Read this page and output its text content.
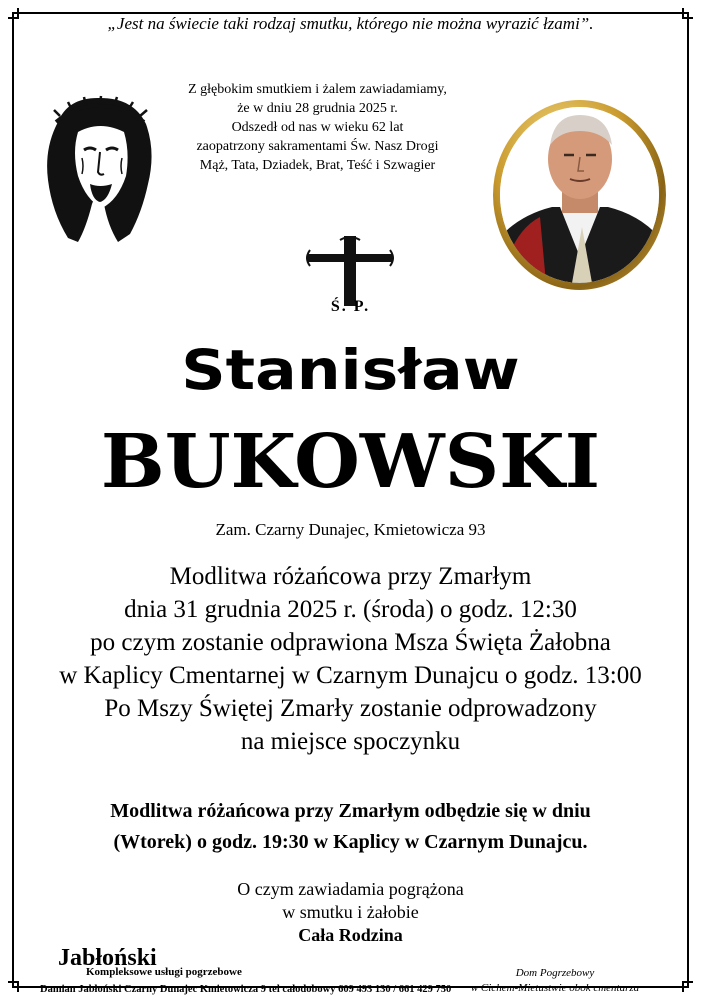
„Jest na świecie taki rodzaj smutku, którego nie można wyrazić łzami”.
Z głębokim smutkiem i żalem zawiadamiamy,
że w dniu 28 grudnia 2025 r.
Odszedł od nas w wieku 62 lat
zaopatrzony sakramentami Św. Nasz Drogi
Mąż, Tata, Dziadek, Brat, Teść i Szwagier
Ś. P.
Stanisław
BUKOWSKI
Zam. Czarny Dunajec, Kmietowicza 93
Modlitwa różańcowa przy Zmarłym
dnia 31 grudnia 2025 r. (środa) o godz. 12:30
po czym zostanie odprawiona Msza Święta Żałobna
w Kaplicy Cmentarnej w Czarnym Dunajcu o godz. 13:00
Po Mszy Świętej Zmarły zostanie odprowadzony
na miejsce spoczynku
Modlitwa różańcowa przy Zmarłym odbędzie się w dniu
(Wtorek) o godz. 19:30 w Kaplicy w Czarnym Dunajcu.
O czym zawiadamia pogrążona
w smutku i żałobie
Cała Rodzina
Jabłoński
Kompleksowe usługi pogrzebowe
Damian Jabłoński Czarny Dunajec Kmietowicza 9 tel całodobowy 609 493 130 / 661 429 750
Dom Pogrzebowy
w Cichem-Mietustwie obok cmentarza
